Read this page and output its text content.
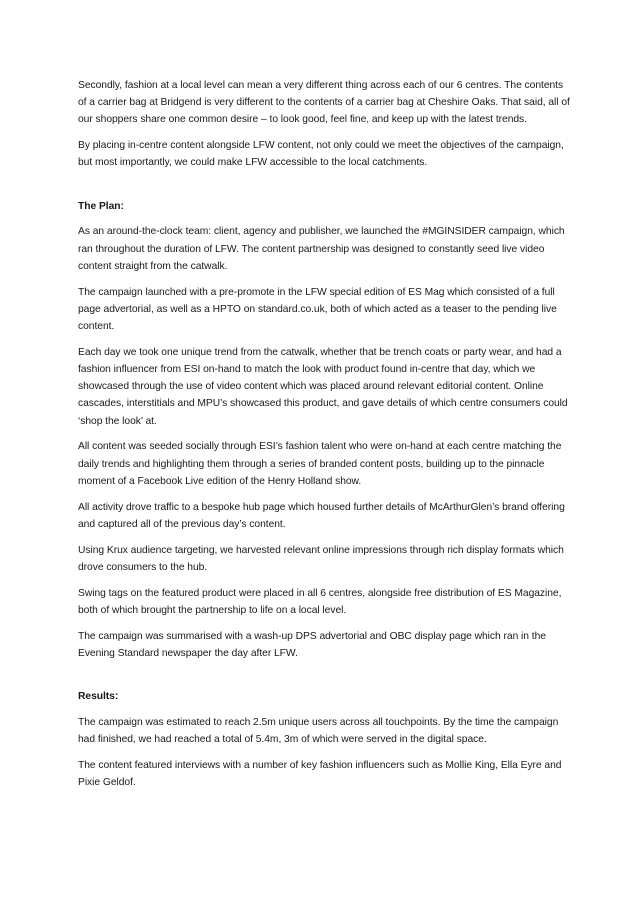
Secondly, fashion at a local level can mean a very different thing across each of our 6 centres. The contents of a carrier bag at Bridgend is very different to the contents of a carrier bag at Cheshire Oaks. That said, all of our shoppers share one common desire – to look good, feel fine, and keep up with the latest trends.

By placing in-centre content alongside LFW content, not only could we meet the objectives of the campaign, but most importantly, we could make LFW accessible to the local catchments.

The Plan:

As an around-the-clock team: client, agency and publisher, we launched the #MGINSIDER campaign, which ran throughout the duration of LFW. The content partnership was designed to constantly seed live video content straight from the catwalk.

The campaign launched with a pre-promote in the LFW special edition of ES Mag which consisted of a full page advertorial, as well as a HPTO on standard.co.uk, both of which acted as a teaser to the pending live content.

Each day we took one unique trend from the catwalk, whether that be trench coats or party wear, and had a fashion influencer from ESI on-hand to match the look with product found in-centre that day, which we showcased through the use of video content which was placed around relevant editorial content. Online cascades, interstitials and MPU’s showcased this product, and gave details of which centre consumers could ‘shop the look’ at.

All content was seeded socially through ESI’s fashion talent who were on-hand at each centre matching the daily trends and highlighting them through a series of branded content posts, building up to the pinnacle moment of a Facebook Live edition of the Henry Holland show.

All activity drove traffic to a bespoke hub page which housed further details of McArthurGlen’s brand offering and captured all of the previous day’s content.

Using Krux audience targeting, we harvested relevant online impressions through rich display formats which drove consumers to the hub.

Swing tags on the featured product were placed in all 6 centres, alongside free distribution of ES Magazine, both of which brought the partnership to life on a local level.

The campaign was summarised with a wash-up DPS advertorial and OBC display page which ran in the Evening Standard newspaper the day after LFW.

Results:

The campaign was estimated to reach 2.5m unique users across all touchpoints. By the time the campaign had finished, we had reached a total of 5.4m, 3m of which were served in the digital space.

The content featured interviews with a number of key fashion influencers such as Mollie King, Ella Eyre and Pixie Geldof.
